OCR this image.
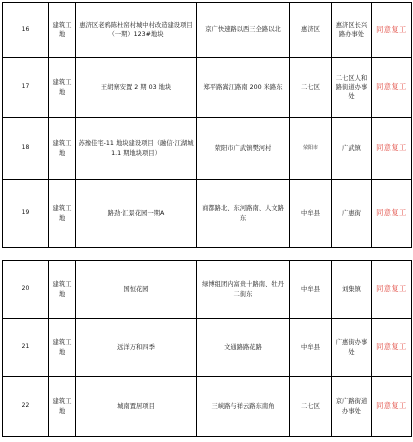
16	建筑工地	惠济区老鸦陈杜窑村城中村改造建设项目（一期）123#地块	京广快速路以西三全路以北	惠济区	惠济区长兴路办事处	同意复工
17	建筑工地	王胡寨安置 2 期 03 地块	郑平路嵩江路南 200 米路东	二七区	二七区人和路街道办事处	同意复工
18	建筑工地	苏豫佳宅-11 地块建设项目（融信·江湖城 1.1 期地块项目）	荥阳市广武镇樊河村	荥阳市	广武镇	同意复工
19	建筑工地	路劲·汇景花园一期A	商都路北、东河路南、人文路东	中牟县	广惠街	同意复工
20	建筑工地	国恒花园	绿博组团内富贵十路南、牡丹二街东	中牟县	刘集镇	同意复工
21	建筑工地	远洋万和四季	文通路路花路	中牟县	广惠街办事处	同意复工
22	建筑工地	城南置居项目	三峡路与祥云路东南角	二七区	京广路街道办事处	同意复工
